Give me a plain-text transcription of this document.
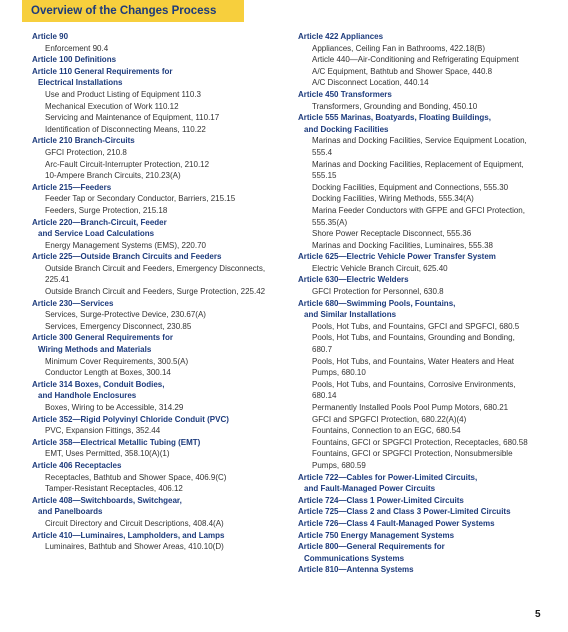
Overview of the Changes Process
Article 90
Enforcement 90.4
Article 100 Definitions
Article 110 General Requirements for
Electrical Installations
Use and Product Listing of Equipment 110.3
Mechanical Execution of Work 110.12
Servicing and Maintenance of Equipment, 110.17
Identification of Disconnecting Means, 110.22
Article 210 Branch-Circuits
GFCI Protection, 210.8
Arc-Fault Circuit-Interrupter Protection, 210.12
10-Ampere Branch Circuits, 210.23(A)
Article 215—Feeders
Feeder Tap or Secondary Conductor, Barriers, 215.15
Feeders, Surge Protection, 215.18
Article 220—Branch-Circuit, Feeder
and Service Load Calculations
Energy Management Systems (EMS), 220.70
Article 225—Outside Branch Circuits and Feeders
Outside Branch Circuit and Feeders, Emergency Disconnects,
225.41
Outside Branch Circuit and Feeders, Surge Protection, 225.42
Article 230—Services
Services, Surge-Protective Device, 230.67(A)
Services, Emergency Disconnect, 230.85
Article 300 General Requirements for
Wiring Methods and Materials
Minimum Cover Requirements, 300.5(A)
Conductor Length at Boxes, 300.14
Article 314 Boxes, Conduit Bodies,
and Handhole Enclosures
Boxes, Wiring to be Accessible, 314.29
Article 352—Rigid Polyvinyl Chloride Conduit (PVC)
PVC, Expansion Fittings, 352.44
Article 358—Electrical Metallic Tubing (EMT)
EMT, Uses Permitted, 358.10(A)(1)
Article 406 Receptacles
Receptacles, Bathtub and Shower Space, 406.9(C)
Tamper-Resistant Receptacles, 406.12
Article 408—Switchboards, Switchgear,
and Panelboards
Circuit Directory and Circuit Descriptions, 408.4(A)
Article 410—Luminaires, Lampholders, and Lamps
Luminaires, Bathtub and Shower Areas, 410.10(D)
Article 422 Appliances
Appliances, Ceiling Fan in Bathrooms, 422.18(B)
Article 440—Air-Conditioning and Refrigerating Equipment
A/C Equipment, Bathtub and Shower Space, 440.8
A/C Disconnect Location, 440.14
Article 450 Transformers
Transformers, Grounding and Bonding, 450.10
Article 555 Marinas, Boatyards, Floating Buildings,
and Docking Facilities
Marinas and Docking Facilities, Service Equipment Location,
555.4
Marinas and Docking Facilities, Replacement of Equipment,
555.15
Docking Facilities, Equipment and Connections, 555.30
Docking Facilities, Wiring Methods, 555.34(A)
Marina Feeder Conductors with GFPE and GFCI Protection,
555.35(A)
Shore Power Receptacle Disconnect, 555.36
Marinas and Docking Facilities, Luminaires, 555.38
Article 625—Electric Vehicle Power Transfer System
Electric Vehicle Branch Circuit, 625.40
Article 630—Electric Welders
GFCI Protection for Personnel, 630.8
Article 680—Swimming Pools, Fountains,
and Similar Installations
Pools, Hot Tubs, and Fountains, GFCI and SPGFCI, 680.5
Pools, Hot Tubs, and Fountains, Grounding and Bonding,
680.7
Pools, Hot Tubs, and Fountains, Water Heaters and Heat
Pumps, 680.10
Pools, Hot Tubs, and Fountains, Corrosive Environments,
680.14
Permanently Installed Pools Pool Pump Motors, 680.21
GFCI and SPGFCI Protection, 680.22(A)(4)
Fountains, Connection to an EGC, 680.54
Fountains, GFCI or SPGFCI Protection, Receptacles, 680.58
Fountains, GFCI or SPGFCI Protection, Nonsubmersible
Pumps, 680.59
Article 722—Cables for Power-Limited Circuits,
and Fault-Managed Power Circuits
Article 724—Class 1 Power-Limited Circuits
Article 725—Class 2 and Class 3 Power-Limited Circuits
Article 726—Class 4 Fault-Managed Power Systems
Article 750 Energy Management Systems
Article 800—General Requirements for
Communications Systems
Article 810—Antenna Systems
5
